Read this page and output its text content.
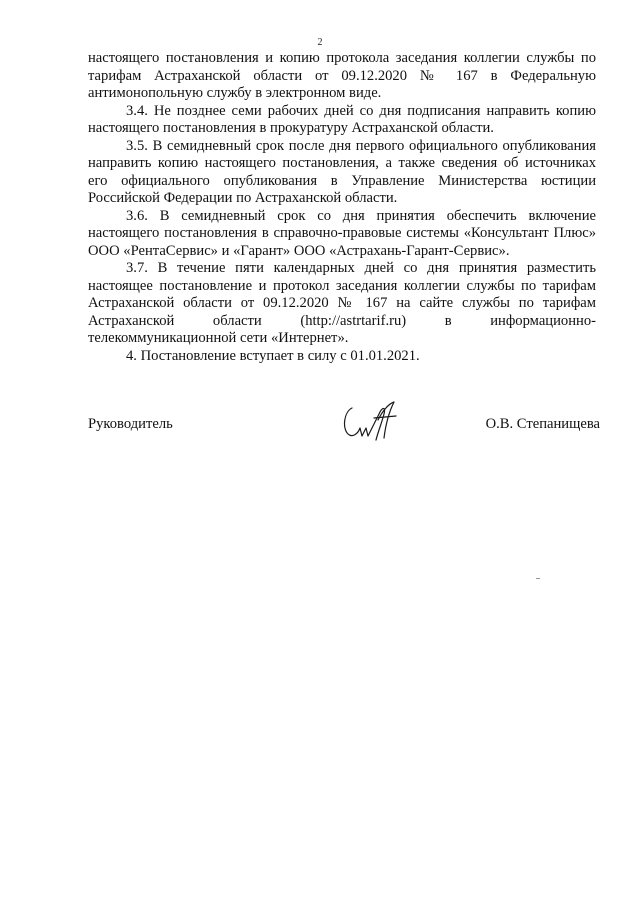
2

настоящего постановления и копию протокола заседания коллегии службы по тарифам Астраханской области от 09.12.2020 № 167 в Федеральную антимонопольную службу в электронном виде.

3.4. Не позднее семи рабочих дней со дня подписания направить копию настоящего постановления в прокуратуру Астраханской области.

3.5. В семидневный срок после дня первого официального опубликования направить копию настоящего постановления, а также сведения об источниках его официального опубликования в Управление Министерства юстиции Российской Федерации по Астраханской области.

3.6. В семидневный срок со дня принятия обеспечить включение настоящего постановления в справочно-правовые системы «Консультант Плюс» ООО «РентаСервис» и «Гарант» ООО «Астрахань-Гарант-Сервис».

3.7. В течение пяти календарных дней со дня принятия разместить настоящее постановление и протокол заседания коллегии службы по тарифам Астраханской области от 09.12.2020 № 167 на сайте службы по тарифам Астраханской области (http://astrtarif.ru) в информационно-телекоммуникационной сети «Интернет».

4. Постановление вступает в силу с 01.01.2021.

Руководитель	О.В. Степанищева
